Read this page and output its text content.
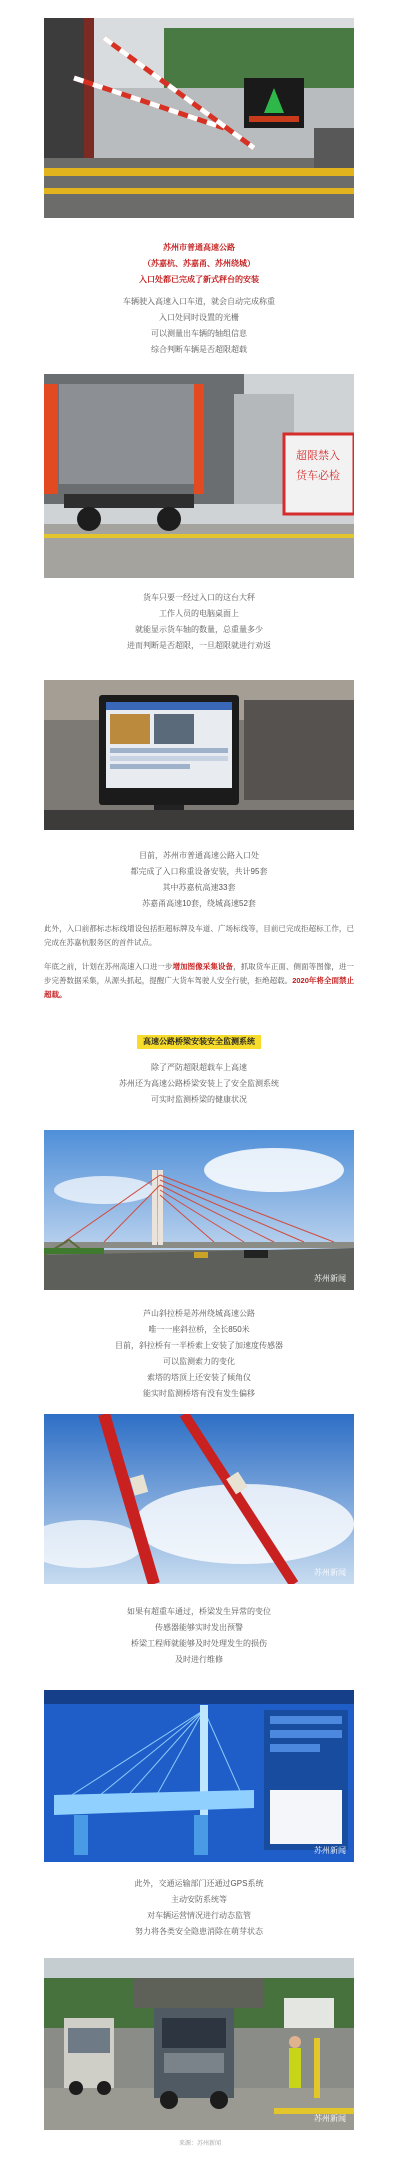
苏州市普通高速公路
（苏嘉杭、苏嘉甬、苏州绕城）
入口处都已完成了新式秤台的安装
车辆驶入高速入口车道，就会自动完成称重
入口处同时设置的光栅
可以测量出车辆的轴组信息
综合判断车辆是否超限超载
超限禁入
货车必检
货车只要一经过入口的这台大秤
工作人员的电脑桌面上
就能显示货车轴的数量，总重量多少
进而判断是否超限，一旦超限就进行劝返
目前，苏州市普通高速公路入口处
都完成了入口称重设备安装，共计95套
其中苏嘉杭高速33套
苏嘉甬高速10套，绕城高速52套

此外，入口前都标志标线增设包括拒超标牌及车道、广场标线等，目前已完成拒超标工作，已完成在苏嘉杭服务区的首件试点。

年底之前，计划在苏州高速入口进一步增加图像采集设备，抓取货车正面、侧面等图像，进一步完善数据采集，从源头抓起，提醒广大货车驾驶人安全行驶，拒绝超载。2020年将全面禁止超载。

高速公路桥梁安装安全监测系统
除了严防超限超载车上高速
苏州还为高速公路桥梁安装上了安全监测系统
可实时监测桥梁的健康状况
苏州新闻
芦山斜拉桥是苏州绕城高速公路
唯一一座斜拉桥，全长850米
目前，斜拉桥有一半桥索上安装了加速度传感器
可以监测索力的变化
索塔的塔顶上还安装了倾角仪
能实时监测桥塔有没有发生偏移
苏州新闻
如果有超重车通过，桥梁发生异常的变位
传感器能够实时发出预警
桥梁工程师就能够及时处理发生的损伤
及时进行维修
苏州新闻
此外，交通运输部门还通过GPS系统
主动安防系统等
对车辆运营情况进行动态监管
努力将各类安全隐患消除在萌芽状态
苏州新闻
来源：苏州新闻
